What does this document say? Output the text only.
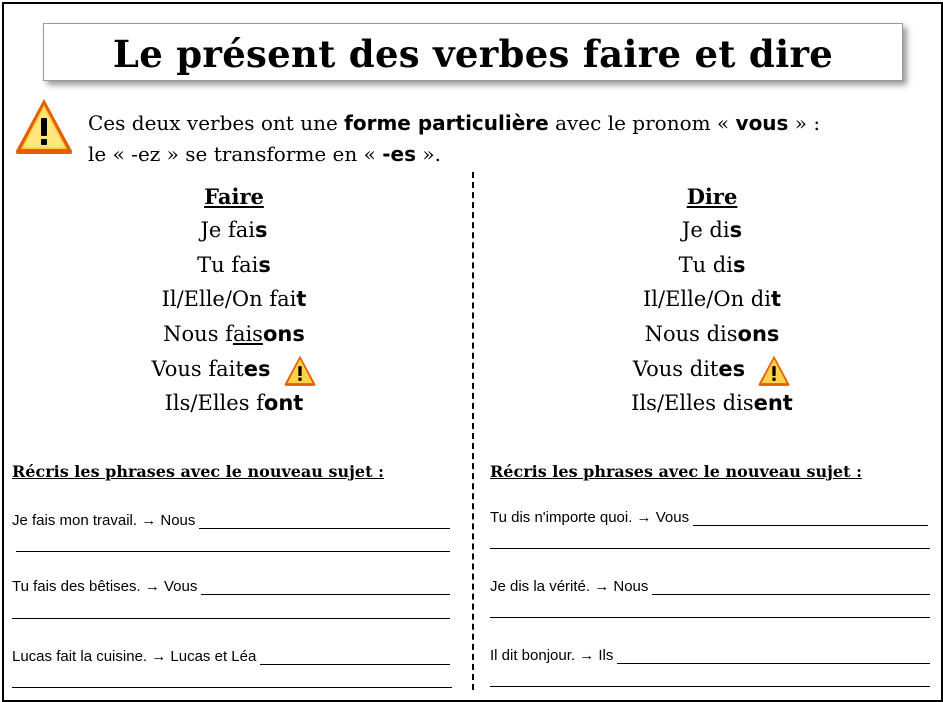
Le présent des verbes faire et dire
Ces deux verbes ont une forme particulière avec le pronom « vous » :
le « -ez » se transforme en « -es ».
Faire
Je fais
Tu fais
Il/Elle/On fait
Nous faisons
Vous faites
Ils/Elles font
Dire
Je dis
Tu dis
Il/Elle/On dit
Nous disons
Vous dites
Ils/Elles disent
Récris les phrases avec le nouveau sujet :	Récris les phrases avec le nouveau sujet :
Je fais mon travail. → Nous
Tu fais des bêtises. → Vous
Lucas fait la cuisine. → Lucas et Léa
Tu dis n'importe quoi. → Vous
Je dis la vérité. → Nous
Il dit bonjour. → Ils
